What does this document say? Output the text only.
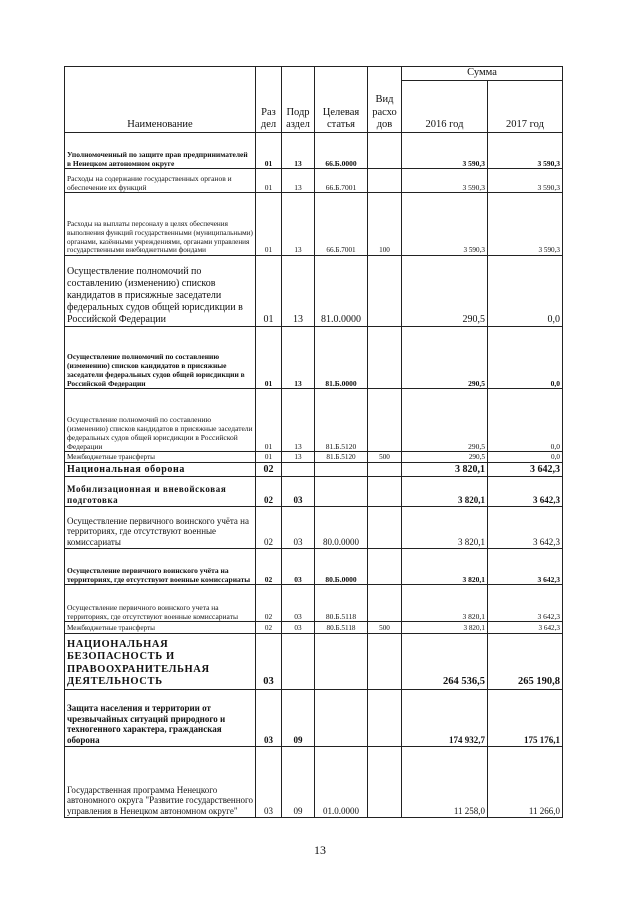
Наименование	Раз дел	Подр аздел	Целевая статья	Вид расхо дов	Сумма	
					2016 год	2017 год
Уполномоченный по защите прав предпринимателей в Ненецком автономном округе	01	13	66.Б.0000		3 590,3	3 590,3
Расходы на содержание государственных органов и обеспечение их функций	01	13	66.Б.7001		3 590,3	3 590,3
Расходы на выплаты персоналу в целях обеспечения выполнения функций государственными (муниципальными) органами, казёнными учреждениями, органами управления государственными внебюджетными фондами	01	13	66.Б.7001	100	3 590,3	3 590,3
Осуществление полномочий по составлению (изменению) списков кандидатов в присяжные заседатели федеральных судов общей юрисдикции в Российской Федерации	01	13	81.0.0000		290,5	0,0
Осуществление полномочий по составлению (изменению) списков кандидатов в присяжные заседатели федеральных судов общей юрисдикции в Российской Федерации	01	13	81.Б.0000		290,5	0,0
Осуществление полномочий по составлению (изменению) списков кандидатов в присяжные заседатели федеральных судов общей юрисдикции в Российской Федерации	01	13	81.Б.5120		290,5	0,0
Межбюджетные трансферты	01	13	81.Б.5120	500	290,5	0,0
Национальная оборона	02				3 820,1	3 642,3
Мобилизационная и вневойсковая подготовка	02	03			3 820,1	3 642,3
Осуществление первичного воинского учёта на территориях, где отсутствуют военные комиссариаты	02	03	80.0.0000		3 820,1	3 642,3
Осуществление первичного воинского учёта на территориях, где отсутствуют военные комиссариаты	02	03	80.Б.0000		3 820,1	3 642,3
Осуществление первичного воинского учета на территориях, где отсутствуют военные комиссариаты	02	03	80.Б.5118		3 820,1	3 642,3
Межбюджетные трансферты	02	03	80.Б.5118	500	3 820,1	3 642,3
НАЦИОНАЛЬНАЯ БЕЗОПАСНОСТЬ И ПРАВООХРАНИТЕЛЬНАЯ ДЕЯТЕЛЬНОСТЬ	03				264 536,5	265 190,8
Защита населения и территории от чрезвычайных ситуаций природного и техногенного характера, гражданская оборона	03	09			174 932,7	175 176,1
Государственная программа Ненецкого автономного округа "Развитие государственного управления в Ненецком автономном округе"	03	09	01.0.0000		11 258,0	11 266,0
13
